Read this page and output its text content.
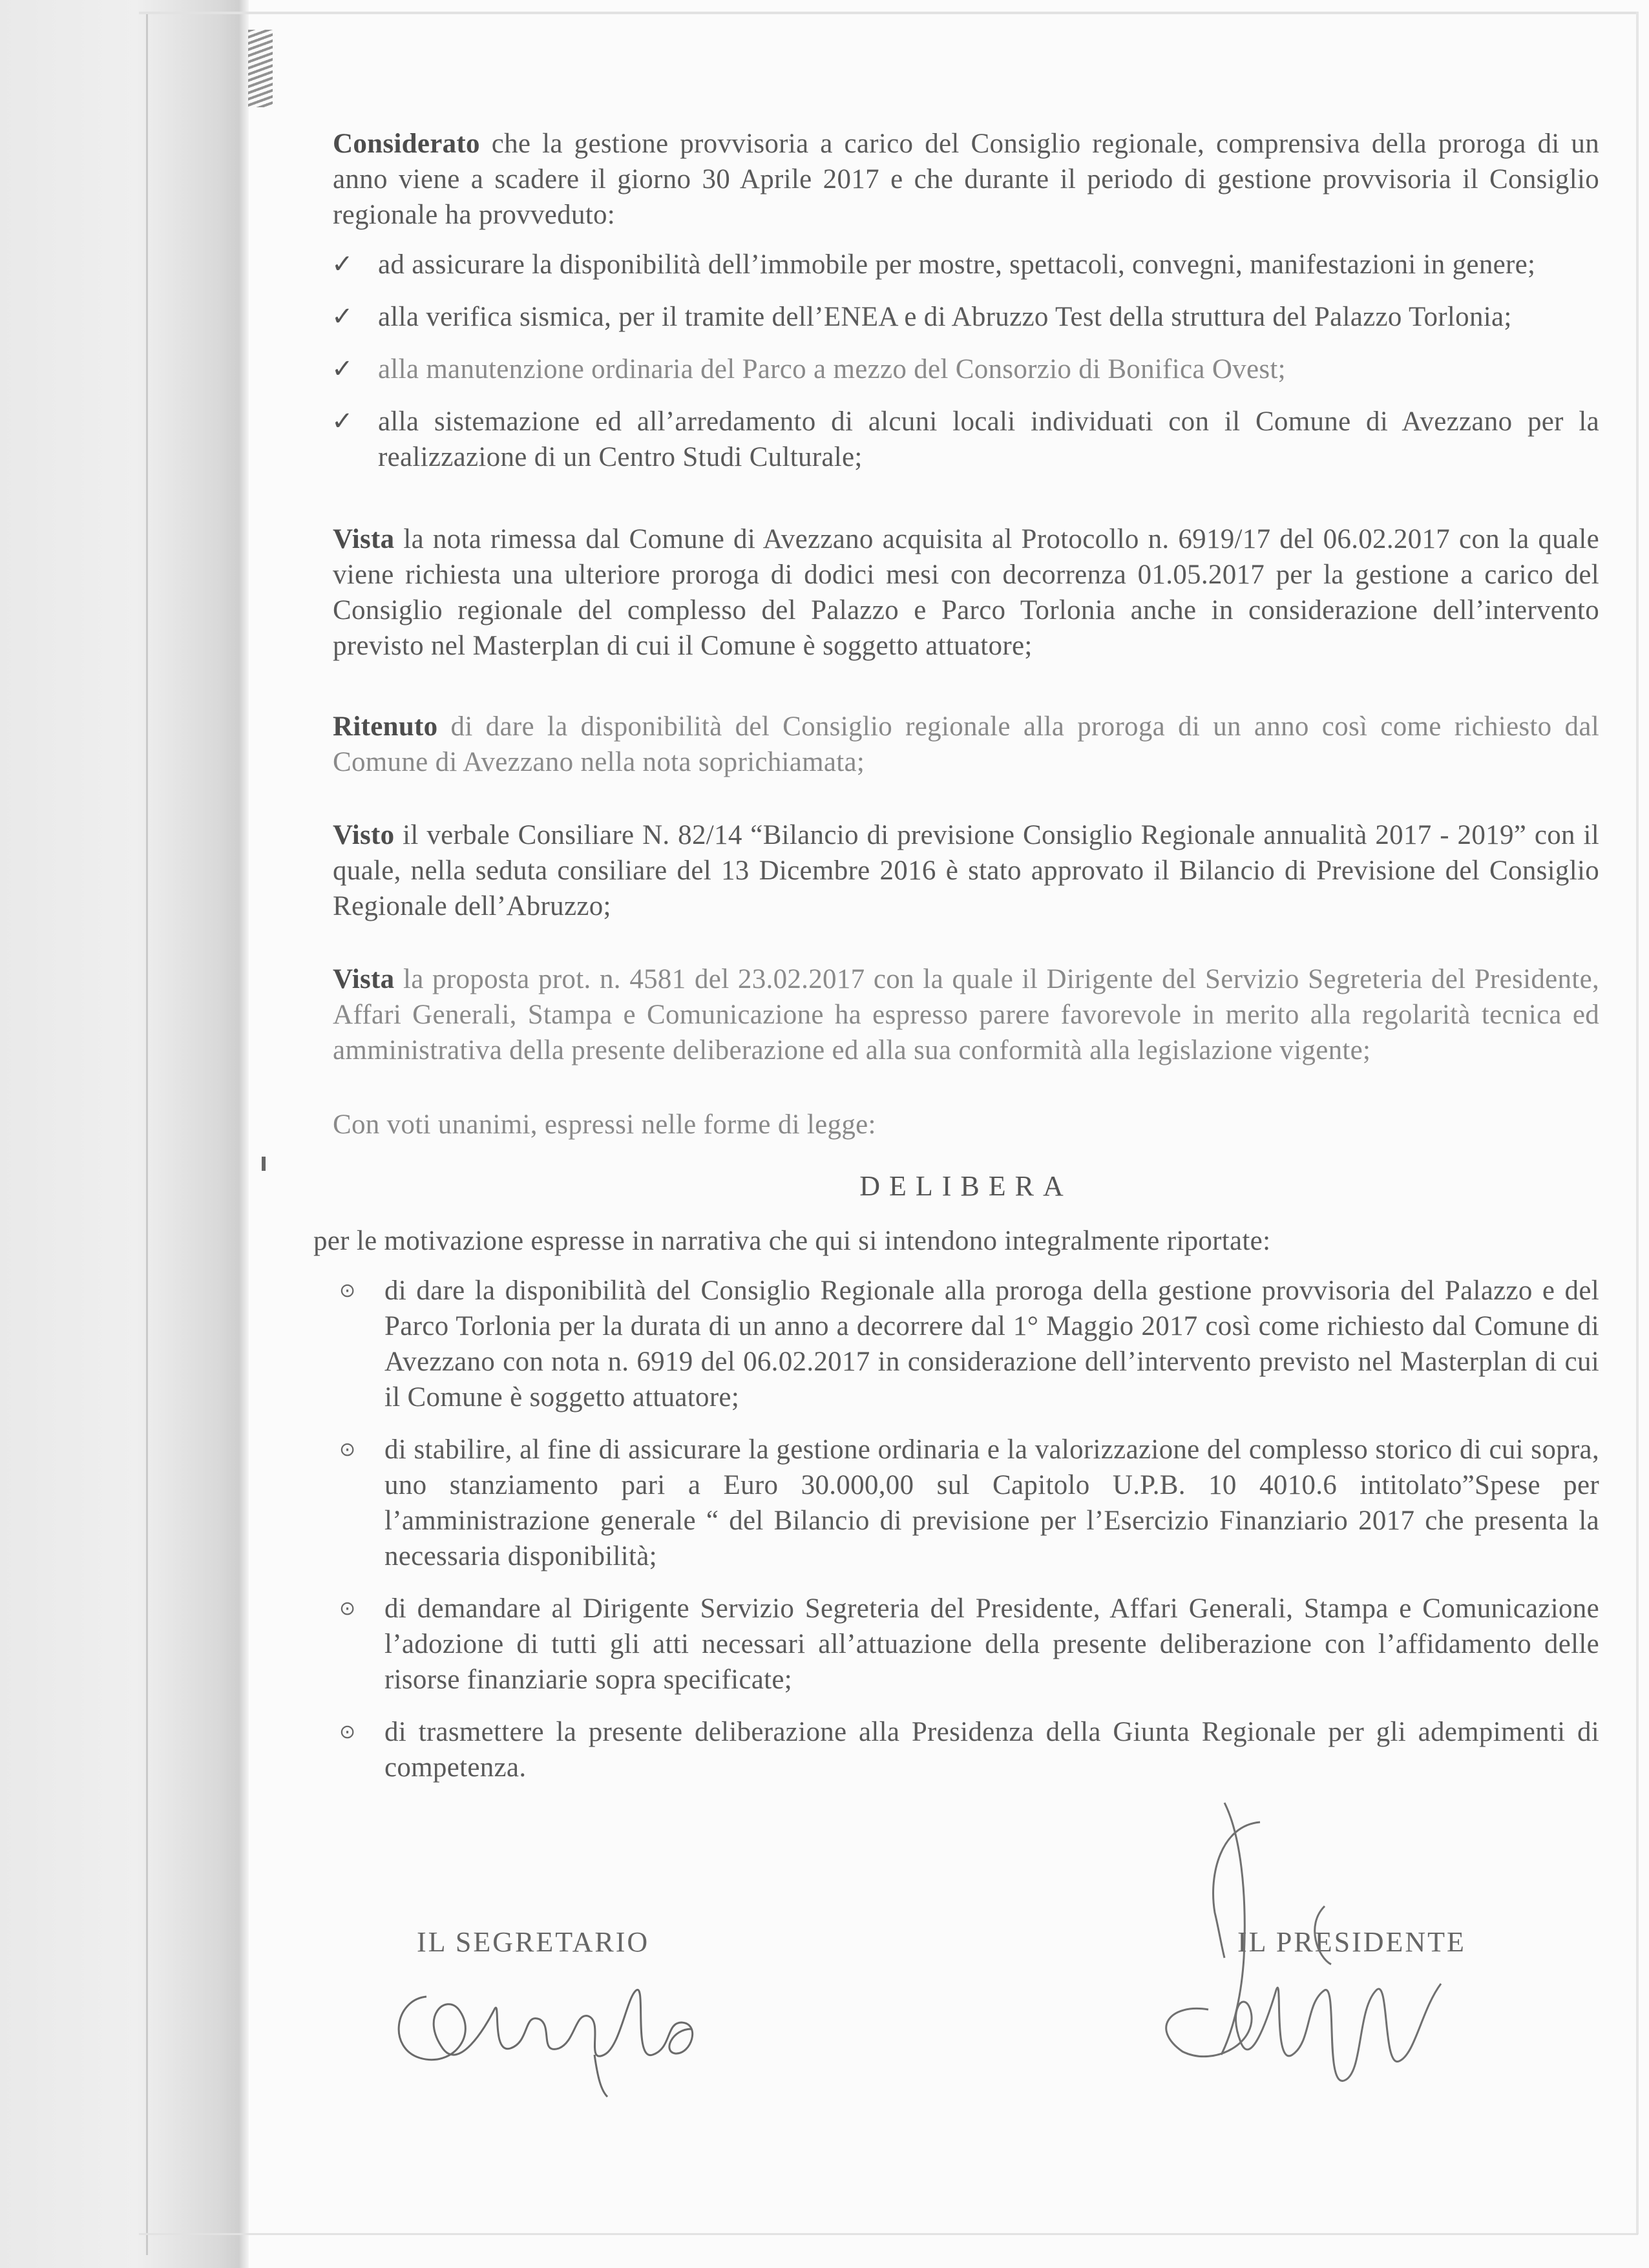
Considerato che la gestione provvisoria a carico del Consiglio regionale, comprensiva della proroga di un anno viene a scadere il giorno 30 Aprile 2017 e che durante il periodo di gestione provvisoria il Consiglio regionale ha provveduto:

✓ ad assicurare la disponibilità dell’immobile per mostre, spettacoli, convegni, manifestazioni in genere;
✓ alla verifica sismica, per il tramite dell’ENEA e di Abruzzo Test della struttura del Palazzo Torlonia;
✓ alla manutenzione ordinaria del Parco a mezzo del Consorzio di Bonifica Ovest;
✓ alla sistemazione ed all’arredamento di alcuni locali individuati con il Comune di Avezzano per la realizzazione di un Centro Studi Culturale;

Vista la nota rimessa dal Comune di Avezzano acquisita al Protocollo n. 6919/17 del 06.02.2017 con la quale viene richiesta una ulteriore proroga di dodici mesi con decorrenza 01.05.2017 per la gestione a carico del Consiglio regionale del complesso del Palazzo e Parco Torlonia anche in considerazione dell’intervento previsto nel Masterplan di cui il Comune è soggetto attuatore;

Ritenuto di dare la disponibilità del Consiglio regionale alla proroga di un anno così come richiesto dal Comune di Avezzano nella nota soprichiamata;

Visto il verbale Consiliare N. 82/14 “Bilancio di previsione Consiglio Regionale annualità 2017 - 2019” con il quale, nella seduta consiliare del 13 Dicembre 2016 è stato approvato il Bilancio di Previsione del Consiglio Regionale dell’Abruzzo;

Vista la proposta prot. n. 4581 del 23.02.2017 con la quale il Dirigente del Servizio Segreteria del Presidente, Affari Generali, Stampa e Comunicazione ha espresso parere favorevole in merito alla regolarità tecnica ed amministrativa della presente deliberazione ed alla sua conformità alla legislazione vigente;

Con voti unanimi, espressi nelle forme di legge:

DELIBERA

per le motivazione espresse in narrativa che qui si intendono integralmente riportate:

⊙ di dare la disponibilità del Consiglio Regionale alla proroga della gestione provvisoria del Palazzo e del Parco Torlonia per la durata di un anno a decorrere dal 1° Maggio 2017 così come richiesto dal Comune di Avezzano con nota n. 6919 del 06.02.2017 in considerazione dell’intervento previsto nel Masterplan di cui il Comune è soggetto attuatore;
⊙ di stabilire, al fine di assicurare la gestione ordinaria e la valorizzazione del complesso storico di cui sopra, uno stanziamento pari a Euro 30.000,00 sul Capitolo U.P.B. 10 4010.6 intitolato”Spese per l’amministrazione generale “ del Bilancio di previsione per l’Esercizio Finanziario 2017 che presenta la necessaria disponibilità;
⊙ di demandare al Dirigente Servizio Segreteria del Presidente, Affari Generali, Stampa e Comunicazione l’adozione di tutti gli atti necessari all’attuazione della presente deliberazione con l’affidamento delle risorse finanziarie sopra specificate;
⊙ di trasmettere la presente deliberazione alla Presidenza della Giunta Regionale per gli adempimenti di competenza.
IL SEGRETARIO	IL PRESIDENTE
